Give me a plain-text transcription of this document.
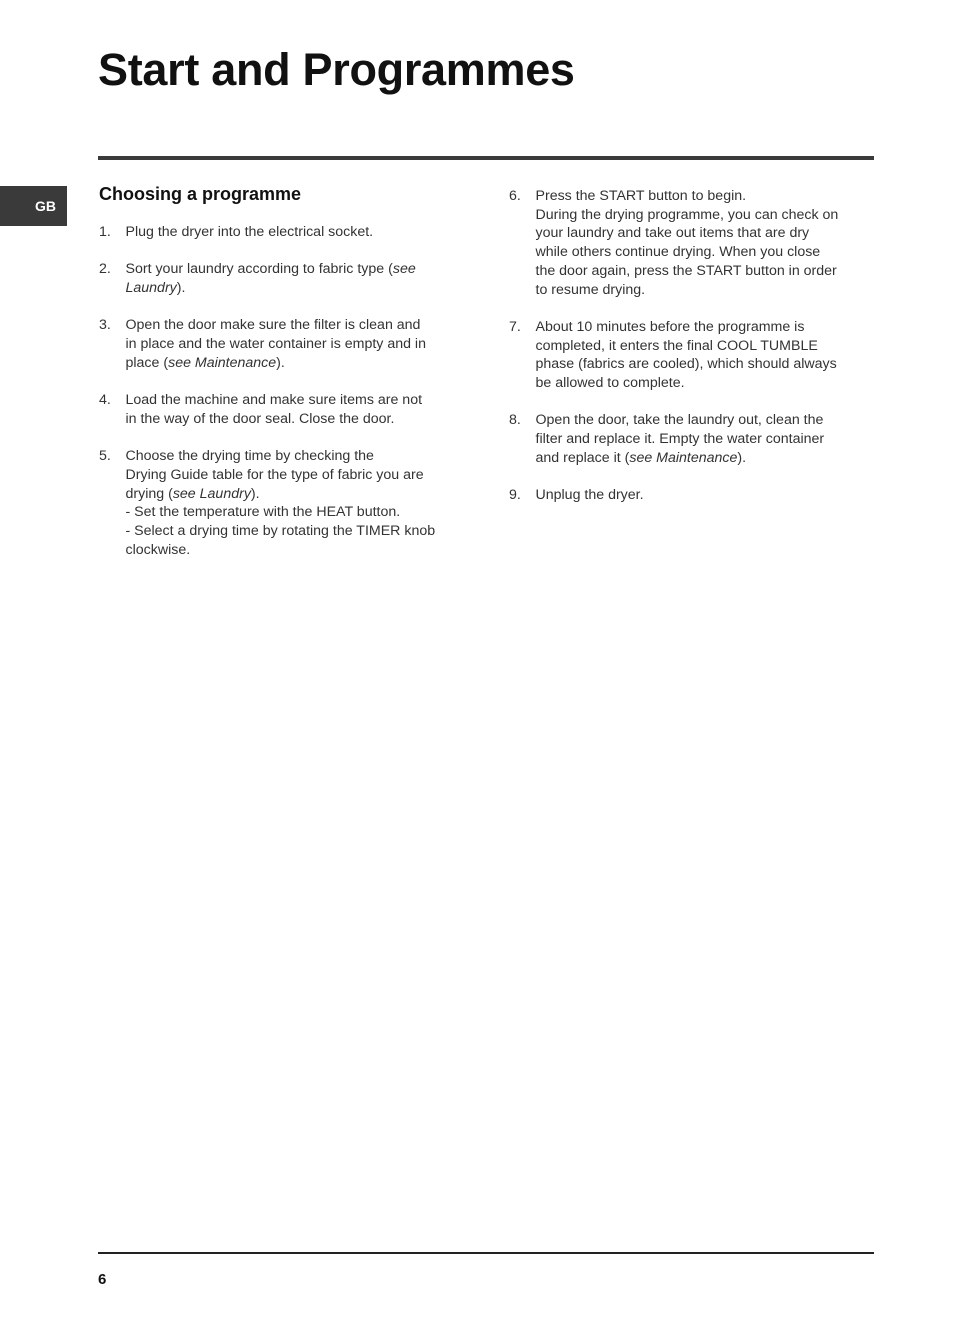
Start and Programmes
GB
Choosing a programme
1.	Plug the dryer into the electrical socket.
2.	Sort your laundry according to fabric type (see
Laundry).
3.	Open the door make sure the filter is clean and
in place and the water container is empty and in
place (see Maintenance).
4.	Load the machine and make sure items are not
in the way of the door seal. Close the door.
5.	Choose the drying time by checking the
Drying Guide table for the type of fabric you are
drying (see Laundry).
- Set the temperature with the HEAT button.
- Select a drying time by rotating the TIMER knob
clockwise.
6.	Press the START button to begin.
During the drying programme, you can check on
your laundry and take out items that are dry
while others continue drying. When you close
the door again, press the START button in order
to resume drying.
7.	About 10 minutes before the programme is
completed, it enters the final COOL TUMBLE
phase (fabrics are cooled), which should always
be allowed to complete.
8.	Open the door, take the laundry out, clean the
filter and replace it. Empty the water container
and replace it (see Maintenance).
9.	Unplug the dryer.
6
